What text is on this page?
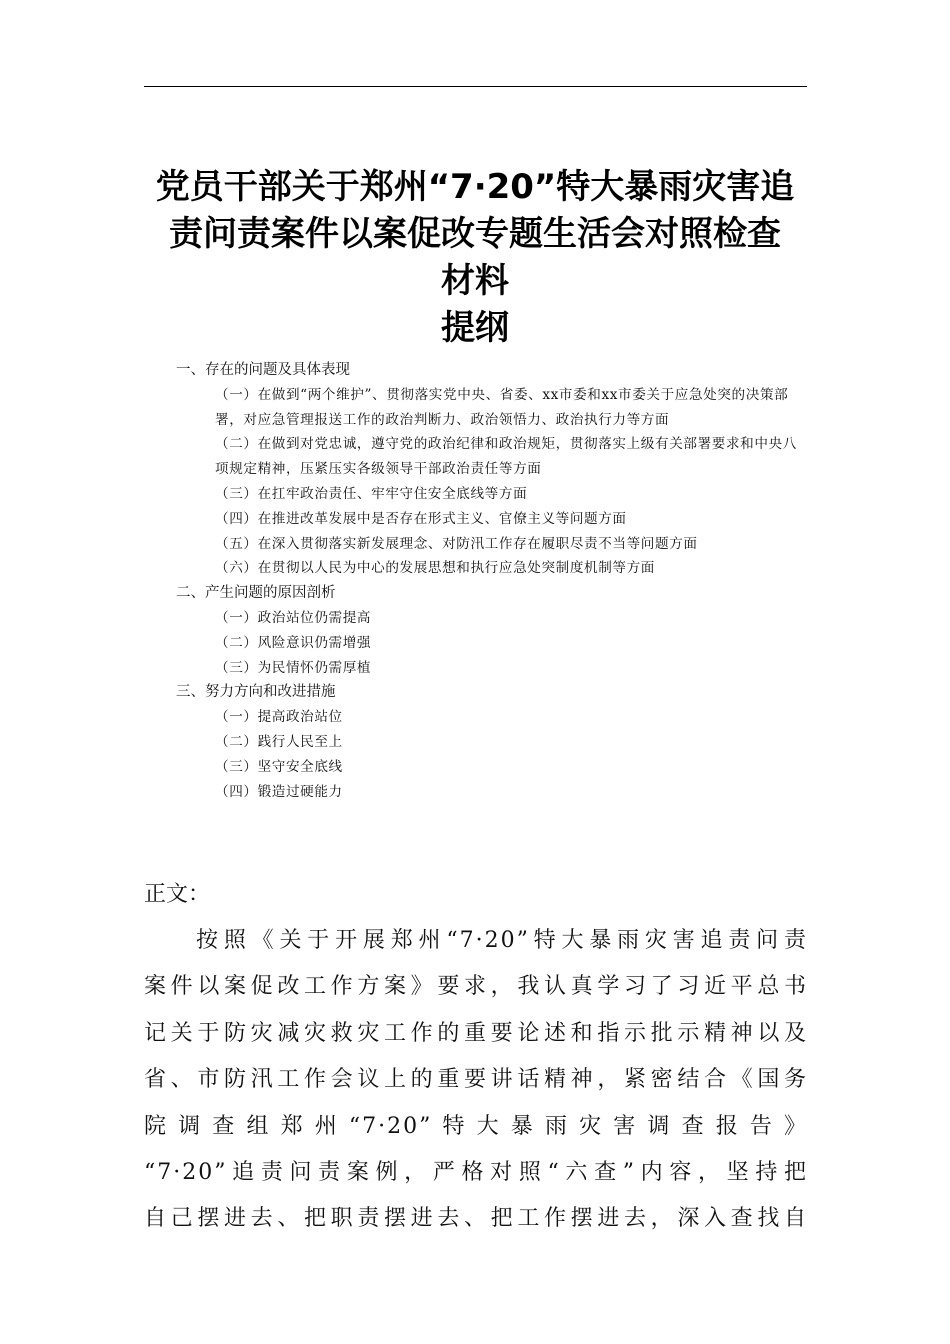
党员干部关于郑州“7·20”特大暴雨灾害追
责问责案件以案促改专题生活会对照检查
材料
提纲
一、存在的问题及具体表现
（一）在做到“两个维护”、贯彻落实党中央、省委、xx市委和xx市委关于应急处突的决策部署，对应急管理报送工作的政治判断力、政治领悟力、政治执行力等方面
（二）在做到对党忠诚，遵守党的政治纪律和政治规矩，贯彻落实上级有关部署要求和中央八项规定精神，压紧压实各级领导干部政治责任等方面
（三）在扛牢政治责任、牢牢守住安全底线等方面
（四）在推进改革发展中是否存在形式主义、官僚主义等问题方面
（五）在深入贯彻落实新发展理念、对防汛工作存在履职尽责不当等问题方面
（六）在贯彻以人民为中心的发展思想和执行应急处突制度机制等方面
二、产生问题的原因剖析
（一）政治站位仍需提高
（二）风险意识仍需增强
（三）为民情怀仍需厚植
三、努力方向和改进措施
（一）提高政治站位
（二）践行人民至上
（三）坚守安全底线
（四）锻造过硬能力
正文：
按照《关于开展郑州“7·20”特大暴雨灾害追责问责
案件以案促改工作方案》要求，我认真学习了习近平总书
记关于防灾减灾救灾工作的重要论述和指示批示精神以及
省、市防汛工作会议上的重要讲话精神，紧密结合《国务
院调查组郑州“7·20”特大暴雨灾害调查报告》
“7·20”追责问责案例，严格对照“六查”内容，坚持把
自己摆进去、把职责摆进去、把工作摆进去，深入查找自
